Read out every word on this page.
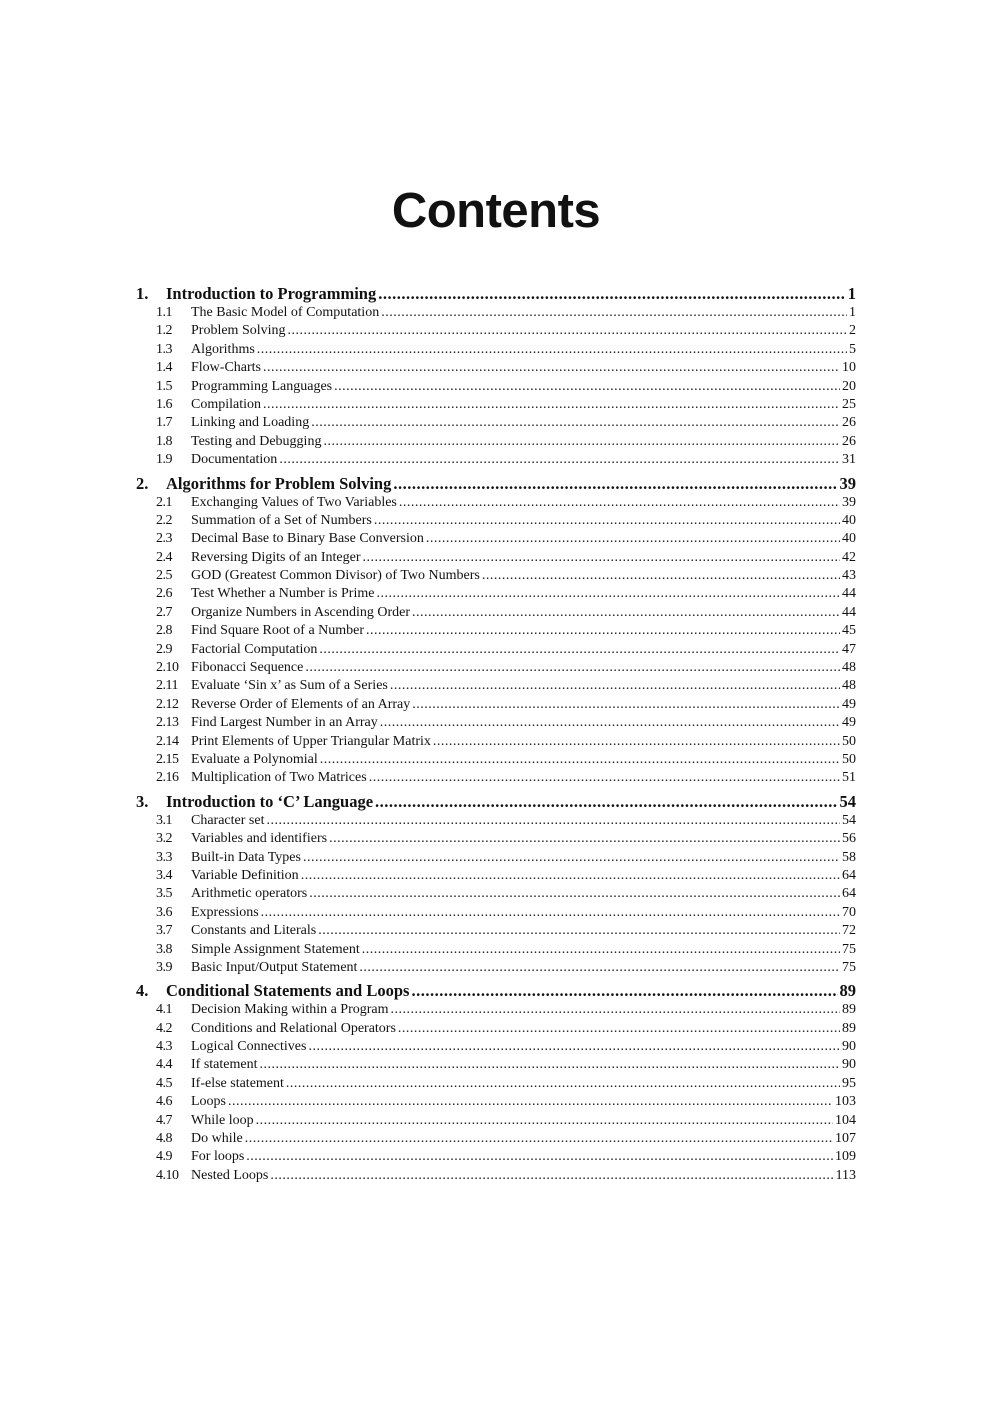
Contents
1.	Introduction to Programming .....	1
1.1	The Basic Model of Computation .....	1
1.2	Problem Solving .....	2
1.3	Algorithms .....	5
1.4	Flow-Charts .....	10
1.5	Programming Languages .....	20
1.6	Compilation .....	25
1.7	Linking and Loading .....	26
1.8	Testing and Debugging .....	26
1.9	Documentation .....	31
2.	Algorithms for Problem Solving .....	39
2.1	Exchanging Values of Two Variables .....	39
2.2	Summation of a Set of Numbers .....	40
2.3	Decimal Base to Binary Base Conversion .....	40
2.4	Reversing Digits of an Integer .....	42
2.5	GOD (Greatest Common Divisor) of Two Numbers .....	43
2.6	Test Whether a Number is Prime .....	44
2.7	Organize Numbers in Ascending Order .....	44
2.8	Find Square Root of a Number .....	45
2.9	Factorial Computation .....	47
2.10 Fibonacci Sequence .....	48
2.11 Evaluate ‘Sin x’ as Sum of a Series .....	48
2.12 Reverse Order of Elements of an Array .....	49
2.13 Find Largest Number in an Array .....	49
2.14 Print Elements of Upper Triangular Matrix .....	50
2.15 Evaluate a Polynomial .....	50
2.16 Multiplication of Two Matrices .....	51
3.	Introduction to ‘C’ Language .....	54
3.1	Character set .....	54
3.2	Variables and identifiers .....	56
3.3	Built-in Data Types .....	58
3.4	Variable Definition .....	64
3.5	Arithmetic operators .....	64
3.6	Expressions .....	70
3.7	Constants and Literals .....	72
3.8	Simple Assignment Statement .....	75
3.9	Basic Input/Output Statement .....	75
4.	Conditional Statements and Loops .....	89
4.1	Decision Making within a Program .....	89
4.2	Conditions and Relational Operators .....	89
4.3	Logical Connectives .....	90
4.4	If statement .....	90
4.5	If-else statement .....	95
4.6	Loops .....	103
4.7	While loop .....	104
4.8	Do while .....	107
4.9	For loops .....	109
4.10 Nested Loops .....	113
